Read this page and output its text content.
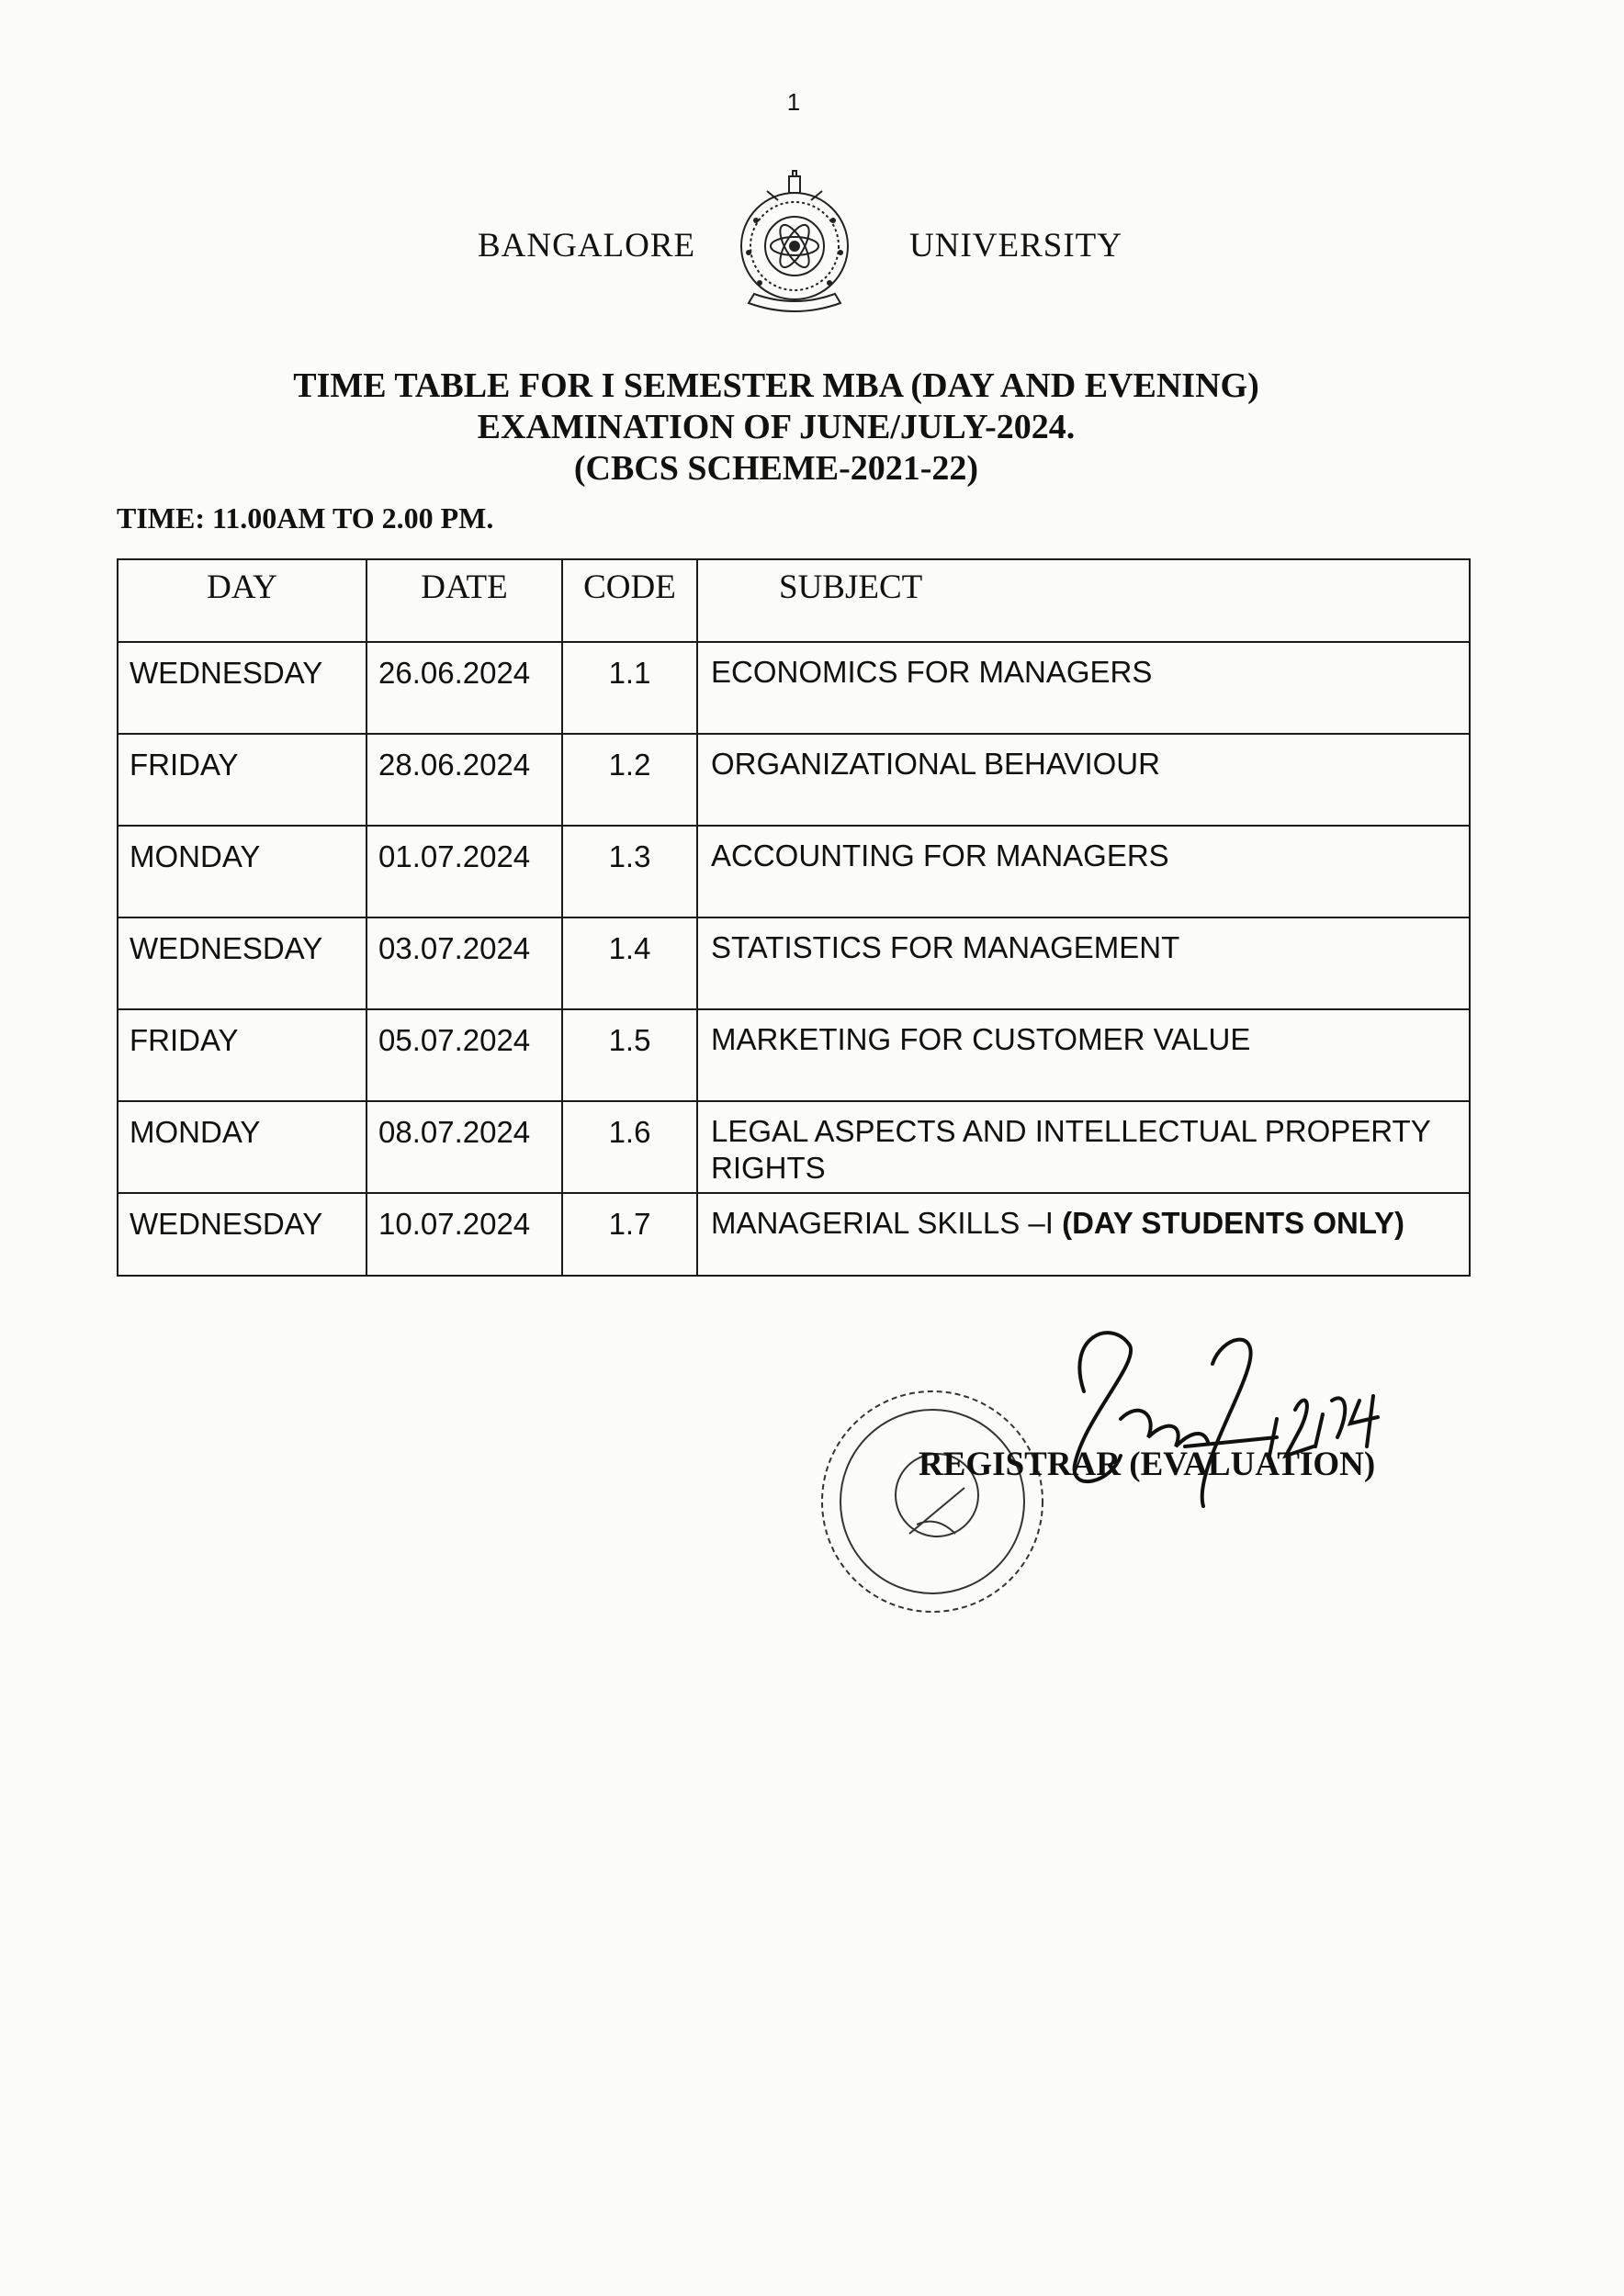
1
BANGALORE	UNIVERSITY
TIME TABLE FOR I SEMESTER MBA (DAY AND EVENING)
EXAMINATION OF JUNE/JULY-2024.
(CBCS SCHEME-2021-22)
TIME: 11.00AM TO 2.00 PM.
DAY	DATE	CODE	SUBJECT
WEDNESDAY	26.06.2024	1.1	ECONOMICS FOR MANAGERS
FRIDAY	28.06.2024	1.2	ORGANIZATIONAL BEHAVIOUR
MONDAY	01.07.2024	1.3	ACCOUNTING FOR MANAGERS
WEDNESDAY	03.07.2024	1.4	STATISTICS FOR MANAGEMENT
FRIDAY	05.07.2024	1.5	MARKETING FOR CUSTOMER VALUE
MONDAY	08.07.2024	1.6	LEGAL ASPECTS AND INTELLECTUAL PROPERTY RIGHTS
WEDNESDAY	10.07.2024	1.7	MANAGERIAL SKILLS –I (DAY STUDENTS ONLY)
REGISTRAR (EVALUATION)
